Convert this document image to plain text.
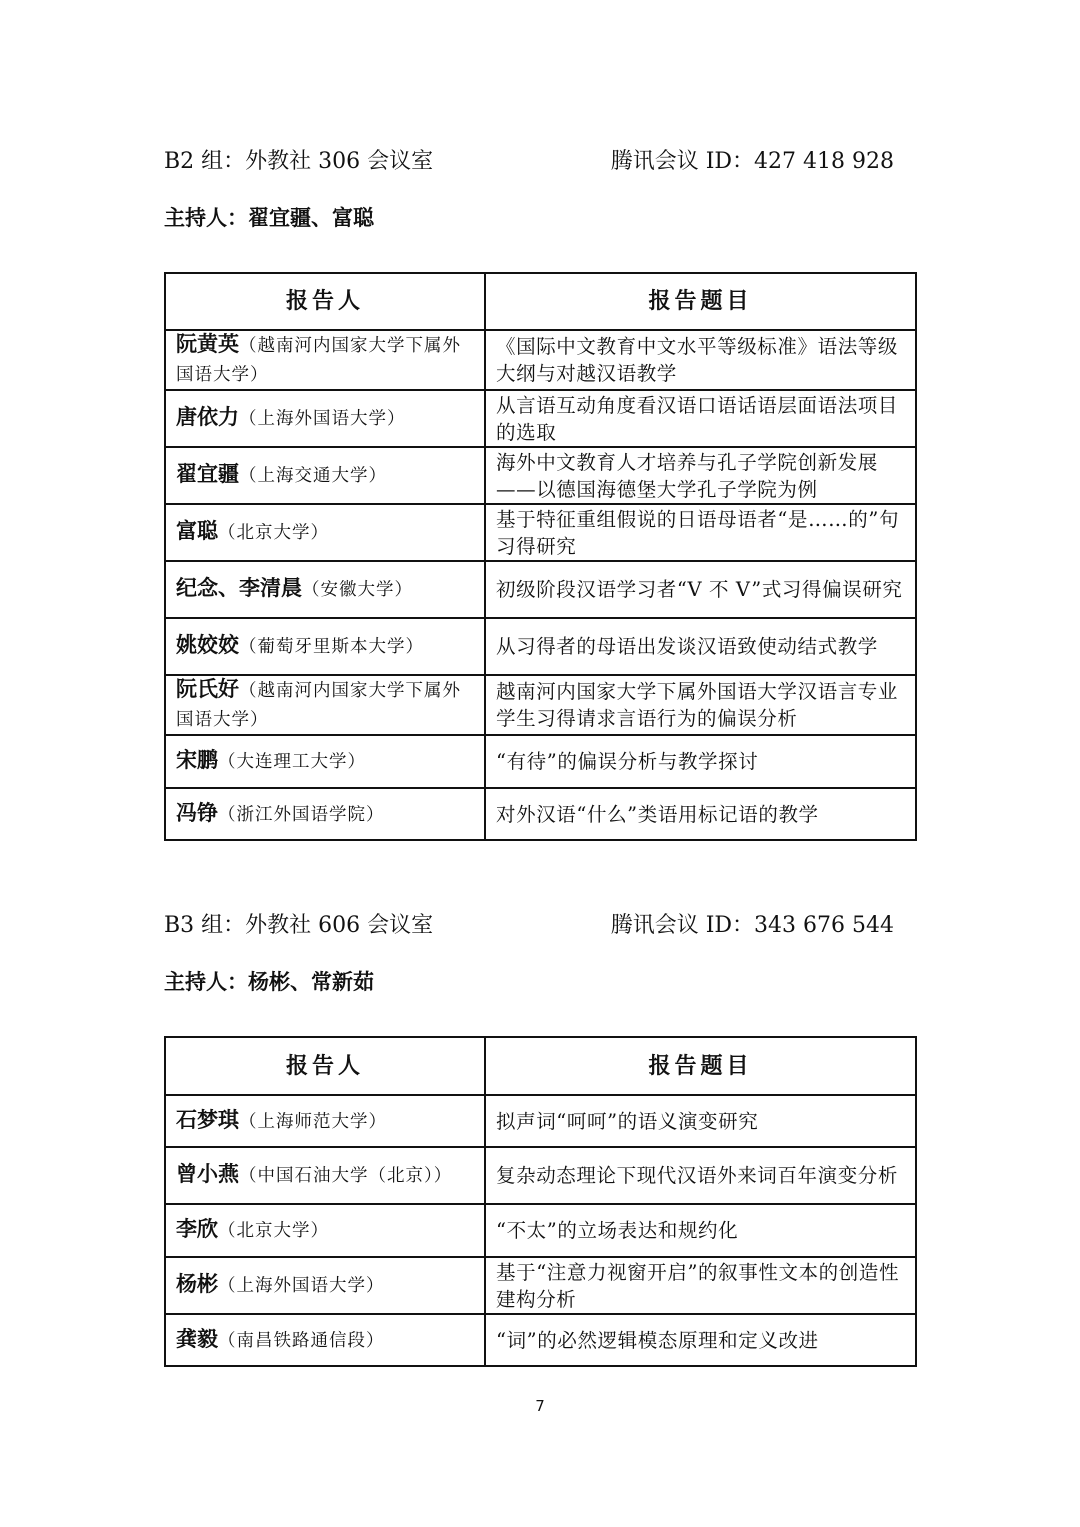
B2 组：外教社 306 会议室	腾讯会议 ID：427 418 928
主持人：翟宜疆、富聪
报告人	报告题目
阮黄英（越南河内国家大学下属外国语大学）	《国际中文教育中文水平等级标准》语法等级大纲与对越汉语教学
唐依力（上海外国语大学）	从言语互动角度看汉语口语话语层面语法项目的选取
翟宜疆（上海交通大学）	海外中文教育人才培养与孔子学院创新发展——以德国海德堡大学孔子学院为例
富聪（北京大学）	基于特征重组假说的日语母语者“是……的”句习得研究
纪念、李清晨（安徽大学）	初级阶段汉语学习者“V 不 V”式习得偏误研究
姚姣姣（葡萄牙里斯本大学）	从习得者的母语出发谈汉语致使动结式教学
阮氏好（越南河内国家大学下属外国语大学）	越南河内国家大学下属外国语大学汉语言专业学生习得请求言语行为的偏误分析
宋鹏（大连理工大学）	“有待”的偏误分析与教学探讨
冯铮（浙江外国语学院）	对外汉语“什么”类语用标记语的教学
B3 组：外教社 606 会议室	腾讯会议 ID：343 676 544
主持人：杨彬、常新茹
报告人	报告题目
石梦琪（上海师范大学）	拟声词“呵呵”的语义演变研究
曾小燕（中国石油大学（北京））	复杂动态理论下现代汉语外来词百年演变分析
李欣（北京大学）	“不太”的立场表达和规约化
杨彬（上海外国语大学）	基于“注意力视窗开启”的叙事性文本的创造性建构分析
龚毅（南昌铁路通信段）	“词”的必然逻辑模态原理和定义改进
7
